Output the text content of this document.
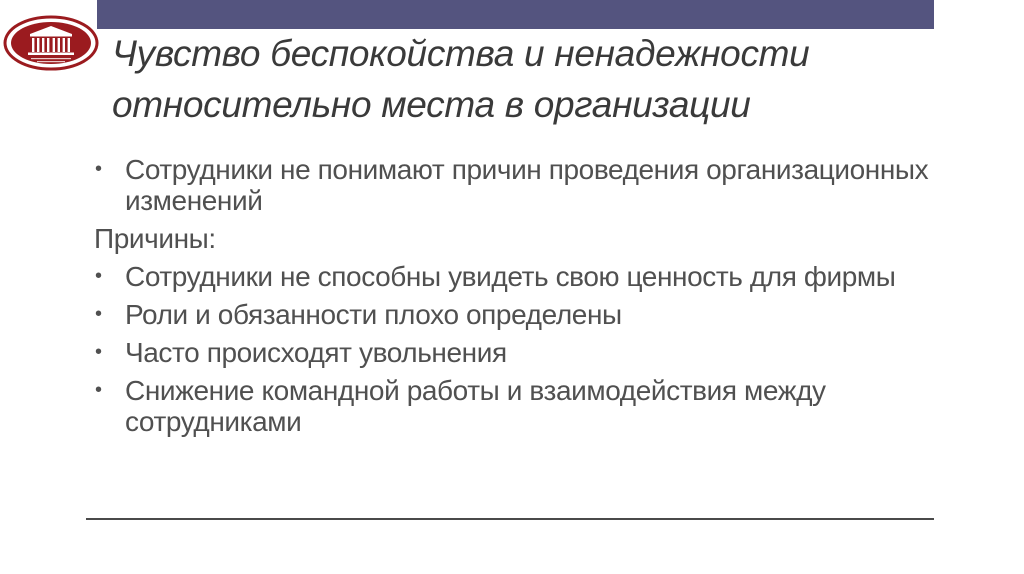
Чувство беспокойства и ненадежности
относительно места в организации
• Сотрудники не понимают причин проведения организационных изменений
Причины:
• Сотрудники не способны увидеть свою ценность для фирмы
• Роли и обязанности плохо определены
• Часто происходят увольнения
• Снижение командной работы и взаимодействия между сотрудниками
